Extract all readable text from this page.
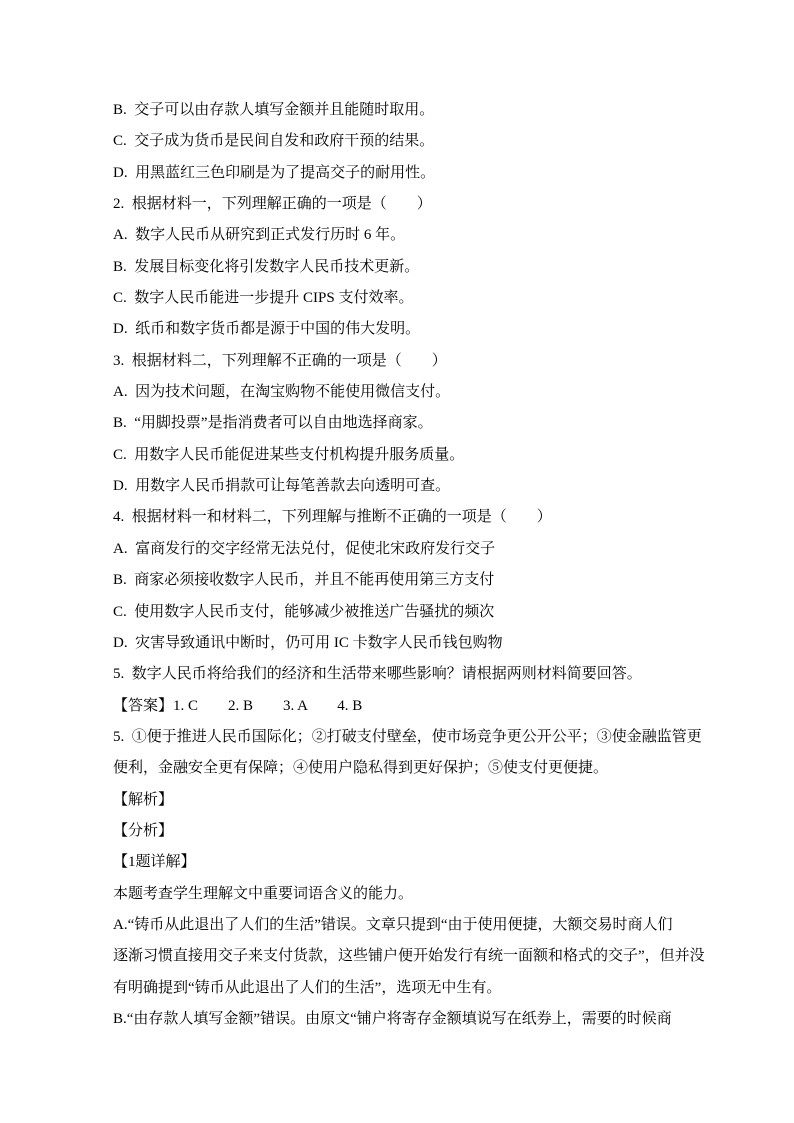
B.  交子可以由存款人填写金额并且能随时取用。
C.  交子成为货币是民间自发和政府干预的结果。
D.  用黑蓝红三色印刷是为了提高交子的耐用性。
2.  根据材料一，下列理解正确的一项是（　　）
A.  数字人民币从研究到正式发行历时 6 年。
B.  发展目标变化将引发数字人民币技术更新。
C.  数字人民币能进一步提升 CIPS 支付效率。
D.  纸币和数字货币都是源于中国的伟大发明。
3.  根据材料二，下列理解不正确的一项是（　　）
A.  因为技术问题，在淘宝购物不能使用微信支付。
B.  “用脚投票”是指消费者可以自由地选择商家。
C.  用数字人民币能促进某些支付机构提升服务质量。
D.  用数字人民币捐款可让每笔善款去向透明可查。
4.  根据材料一和材料二，下列理解与推断不正确的一项是（　　）
A.  富商发行的交字经常无法兑付，促使北宋政府发行交子
B.  商家必须接收数字人民币，并且不能再使用第三方支付
C.  使用数字人民币支付，能够减少被推送广告骚扰的频次
D.  灾害导致通讯中断时，仍可用 IC 卡数字人民币钱包购物
5.  数字人民币将给我们的经济和生活带来哪些影响？请根据两则材料简要回答。
【答案】1. C　　2. B　　3. A　　4. B
5.  ①便于推进人民币国际化；②打破支付壁垒，使市场竞争更公开公平；③使金融监管更
便利，金融安全更有保障；④使用户隐私得到更好保护；⑤使支付更便捷。
【解析】
【分析】
【1题详解】
本题考查学生理解文中重要词语含义的能力。
A.“铸币从此退出了人们的生活”错误。文章只提到“由于使用便捷，大额交易时商人们
逐渐习惯直接用交子来支付货款，这些铺户便开始发行有统一面额和格式的交子”，但并没
有明确提到“铸币从此退出了人们的生活”，选项无中生有。
B.“由存款人填写金额”错误。由原文“铺户将寄存金额填说写在纸券上，需要的时候商
